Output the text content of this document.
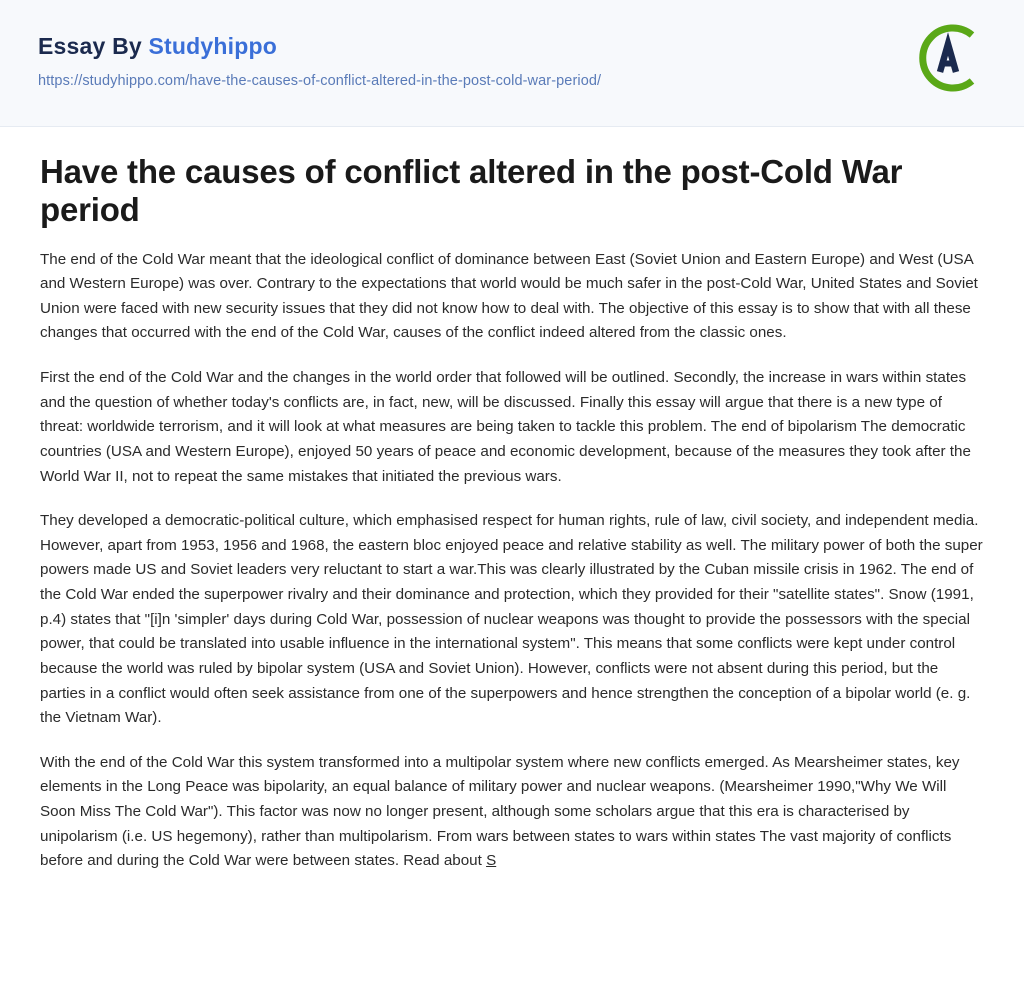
Essay By Studyhippo
https://studyhippo.com/have-the-causes-of-conflict-altered-in-the-post-cold-war-period/
Have the causes of conflict altered in the post-Cold War period

The end of the Cold War meant that the ideological conflict of dominance between East (Soviet Union and Eastern Europe) and West (USA and Western Europe) was over. Contrary to the expectations that world would be much safer in the post-Cold War, United States and Soviet Union were faced with new security issues that they did not know how to deal with. The objective of this essay is to show that with all these changes that occurred with the end of the Cold War, causes of the conflict indeed altered from the classic ones.

First the end of the Cold War and the changes in the world order that followed will be outlined. Secondly, the increase in wars within states and the question of whether today's conflicts are, in fact, new, will be discussed. Finally this essay will argue that there is a new type of threat: worldwide terrorism, and it will look at what measures are being taken to tackle this problem. The end of bipolarism The democratic countries (USA and Western Europe), enjoyed 50 years of peace and economic development, because of the measures they took after the World War II, not to repeat the same mistakes that initiated the previous wars.

They developed a democratic-political culture, which emphasised respect for human rights, rule of law, civil society, and independent media. However, apart from 1953, 1956 and 1968, the eastern bloc enjoyed peace and relative stability as well. The military power of both the super powers made US and Soviet leaders very reluctant to start a war.This was clearly illustrated by the Cuban missile crisis in 1962. The end of the Cold War ended the superpower rivalry and their dominance and protection, which they provided for their "satellite states". Snow (1991, p.4) states that "[i]n 'simpler' days during Cold War, possession of nuclear weapons was thought to provide the possessors with the special power, that could be translated into usable influence in the international system". This means that some conflicts were kept under control because the world was ruled by bipolar system (USA and Soviet Union). However, conflicts were not absent during this period, but the parties in a conflict would often seek assistance from one of the superpowers and hence strengthen the conception of a bipolar world (e. g. the Vietnam War).

With the end of the Cold War this system transformed into a multipolar system where new conflicts emerged. As Mearsheimer states, key elements in the Long Peace was bipolarity, an equal balance of military power and nuclear weapons. (Mearsheimer 1990,"Why We Will Soon Miss The Cold War"). This factor was now no longer present, although some scholars argue that this era is characterised by unipolarism (i.e. US hegemony), rather than multipolarism. From wars between states to wars within states The vast majority of conflicts before and during the Cold War were between states. Read about S
